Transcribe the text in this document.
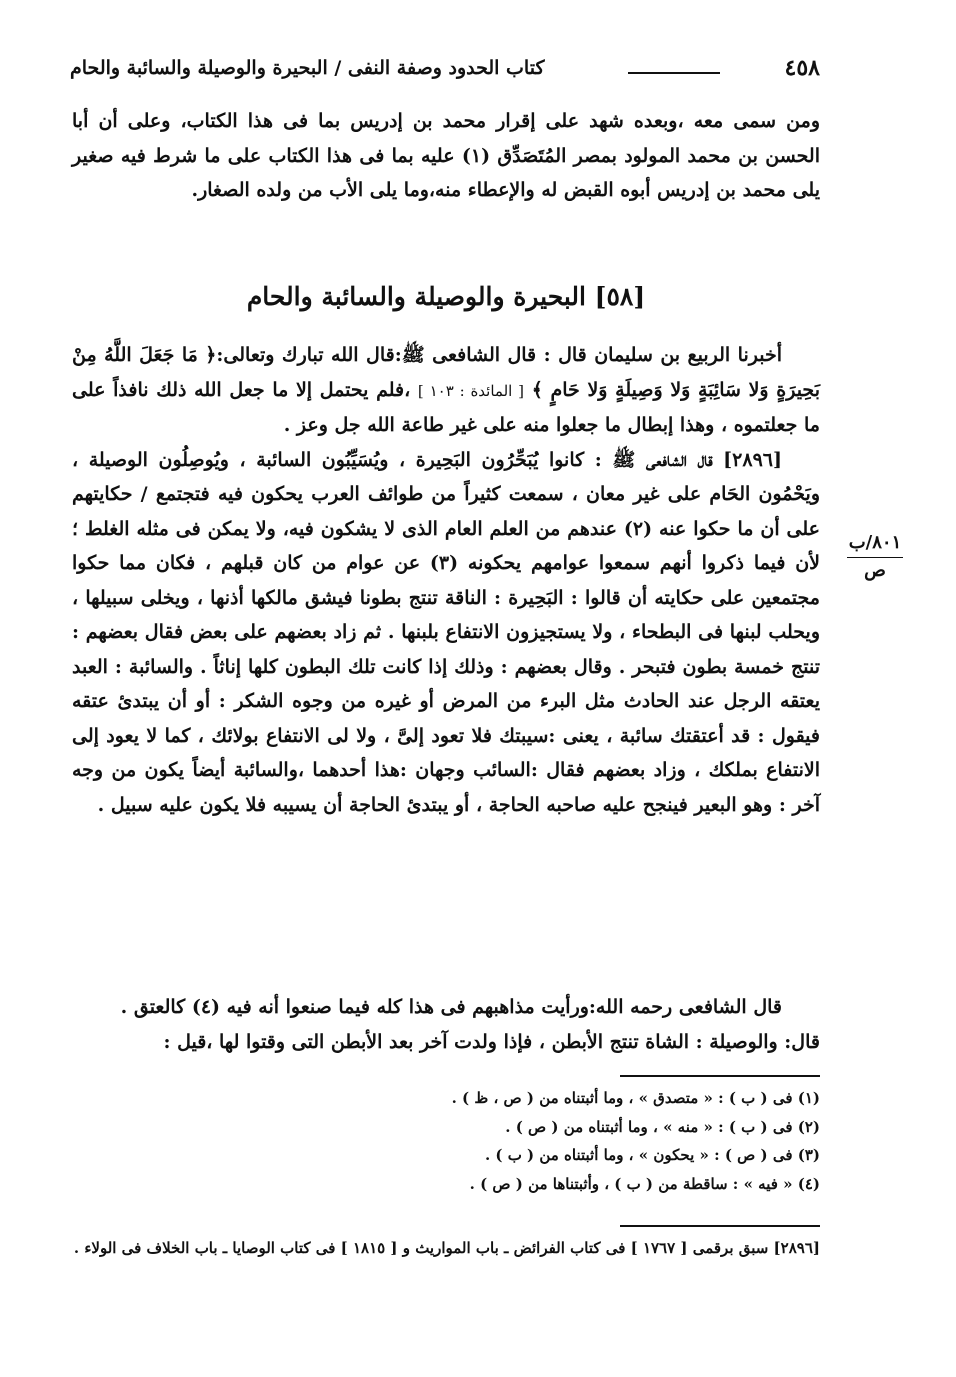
٤٥٨
كتاب الحدود وصفة النفى / البحيرة والوصيلة والسائبة والحام
ومن سمى معه ،وبعده شهد على إقرار محمد بن إدريس بما فى هذا الكتاب، وعلى أن أبا الحسن بن محمد المولود بمصر المُتَصَدِّق (١) عليه بما فى هذا الكتاب على ما شرط فيه صغير يلى محمد بن إدريس أبوه القبض له والإعطاء منه،وما يلى الأب من ولده الصغار.
[٥٨] البحيرة والوصيلة والسائبة والحام

أخبرنا الربيع بن سليمان قال : قال الشافعى ﷺ:قال الله تبارك وتعالى:﴿ مَا جَعَلَ اللَّهُ مِنْ بَحِيرَةٍ وَلا سَائِبَةٍ وَلا وَصِيلَةٍ وَلا حَامٍ ﴾ [ المائدة : ١٠٣ ] ،فلم يحتمل إلا ما جعل الله ذلك نافذاً على ما جعلتموه ، وهذا إبطال ما جعلوا منه على غير طاعة الله جل وعز .

[٢٨٩٦] قال الشافعى ﷺ : كانوا يُبَحِّرُون البَحِيرة ، ويُسَيِّبُون السائبة ، ويُوصِلُون الوصيلة ، ويَحْمُون الحَام على غير معان ، سمعت كثيراً من طوائف العرب يحكون فيه فتجتمع / حكايتهم على أن ما حكوا عنه (٢) عندهم من العلم العام الذى لا يشكون فيه، ولا يمكن فى مثله الغلط ؛ لأن فيما ذكروا أنهم سمعوا عوامهم يحكونه (٣) عن عوام من كان قبلهم ، فكان مما حكوا مجتمعين على حكايته أن قالوا : البَحِيرة : الناقة تنتج بطونا فيشق مالكها أذنها ، ويخلى سبيلها ، ويحلب لبنها فى البطحاء ، ولا يستجيزون الانتفاع بلبنها . ثم زاد بعضهم على بعض فقال بعضهم : تنتج خمسة بطون فتبحر . وقال بعضهم : وذلك إذا كانت تلك البطون كلها إناثاً . والسائبة : العبد يعتقه الرجل عند الحادث مثل البرء من المرض أو غيره من وجوه الشكر : أو أن يبتدئ عتقه فيقول : قد أعتقتك سائبة ، يعنى :سيبتك فلا تعود إلىَّ ، ولا لى الانتفاع بولائك ، كما لا يعود إلى الانتفاع بملكك ، وزاد بعضهم فقال :السائب وجهان :هذا أحدهما ،والسائبة أيضاً يكون من وجه آخر : وهو البعير فينجح عليه صاحبه الحاجة ، أو يبتدئ الحاجة أن يسيبه فلا يكون عليه سبيل .

قال الشافعى رحمه الله:ورأيت مذاهبهم فى هذا كله فيما صنعوا أنه فيه (٤) كالعتق .

قال: والوصيلة : الشاة تنتج الأبطن ، فإذا ولدت آخر بعد الأبطن التى وقتوا لها ،قيل :

٨٠١/ب
ص
(١) فى ( ب ) : « متصدق » ، وما أثبتناه من ( ص ، ظ ) .
(٢) فى ( ب ) : « منه » ، وما أثبتناه من ( ص ) .
(٣) فى ( ص ) : « يحكون » ، وما أثبتناه من ( ب ) .
(٤) « فيه » : ساقطة من ( ب ) ، وأثبتناها من ( ص ) .
[٢٨٩٦] سبق برقمى [ ١٧٦٧ ] فى كتاب الفرائض ـ باب المواريث و [ ١٨١٥ ] فى كتاب الوصايا ـ باب الخلاف فى الولاء .
